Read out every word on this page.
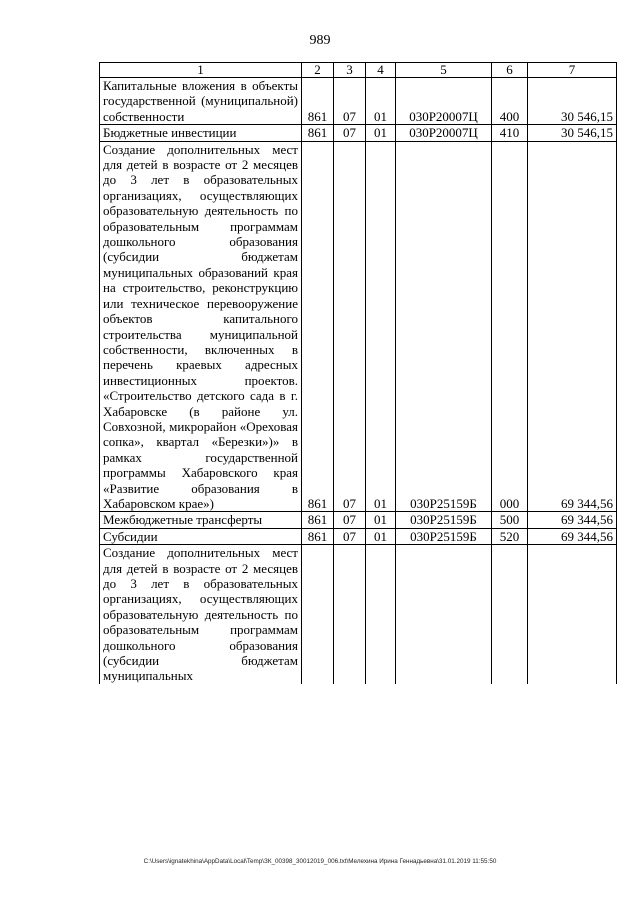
989
1	2	3	4	5	6	7
Капитальные вложения в объекты государственной (муниципальной) собственности	861	07	01	030Р20007Ц	400	30 546,15
Бюджетные инвестиции	861	07	01	030Р20007Ц	410	30 546,15
Создание дополнительных мест для детей в возрасте от 2 месяцев до 3 лет в образовательных организациях, осуществляющих образовательную деятельность по образовательным программам дошкольного образования (субсидии бюджетам муниципальных образований края на строительство, реконструкцию или техническое перевооружение объектов капитального строительства муниципальной собственности, включенных в перечень краевых адресных инвестиционных проектов. «Строительство детского сада в г. Хабаровске (в районе ул. Совхозной, микрорайон «Ореховая сопка», квартал «Березки»)» в рамках государственной программы Хабаровского края «Развитие образования в Хабаровском крае»)	861	07	01	030Р25159Б	000	69 344,56
Межбюджетные трансферты	861	07	01	030Р25159Б	500	69 344,56
Субсидии	861	07	01	030Р25159Б	520	69 344,56
Создание дополнительных мест для детей в возрасте от 2 месяцев до 3 лет в образовательных организациях, осуществляющих образовательную деятельность по образовательным программам дошкольного образования (субсидии бюджетам муниципальных						
C:\Users\ignatekhina\AppData\Local\Temp\ЗК_00398_30012019_006.txt\Мелехина Ирина Геннадьевна\31.01.2019 11:55:50
